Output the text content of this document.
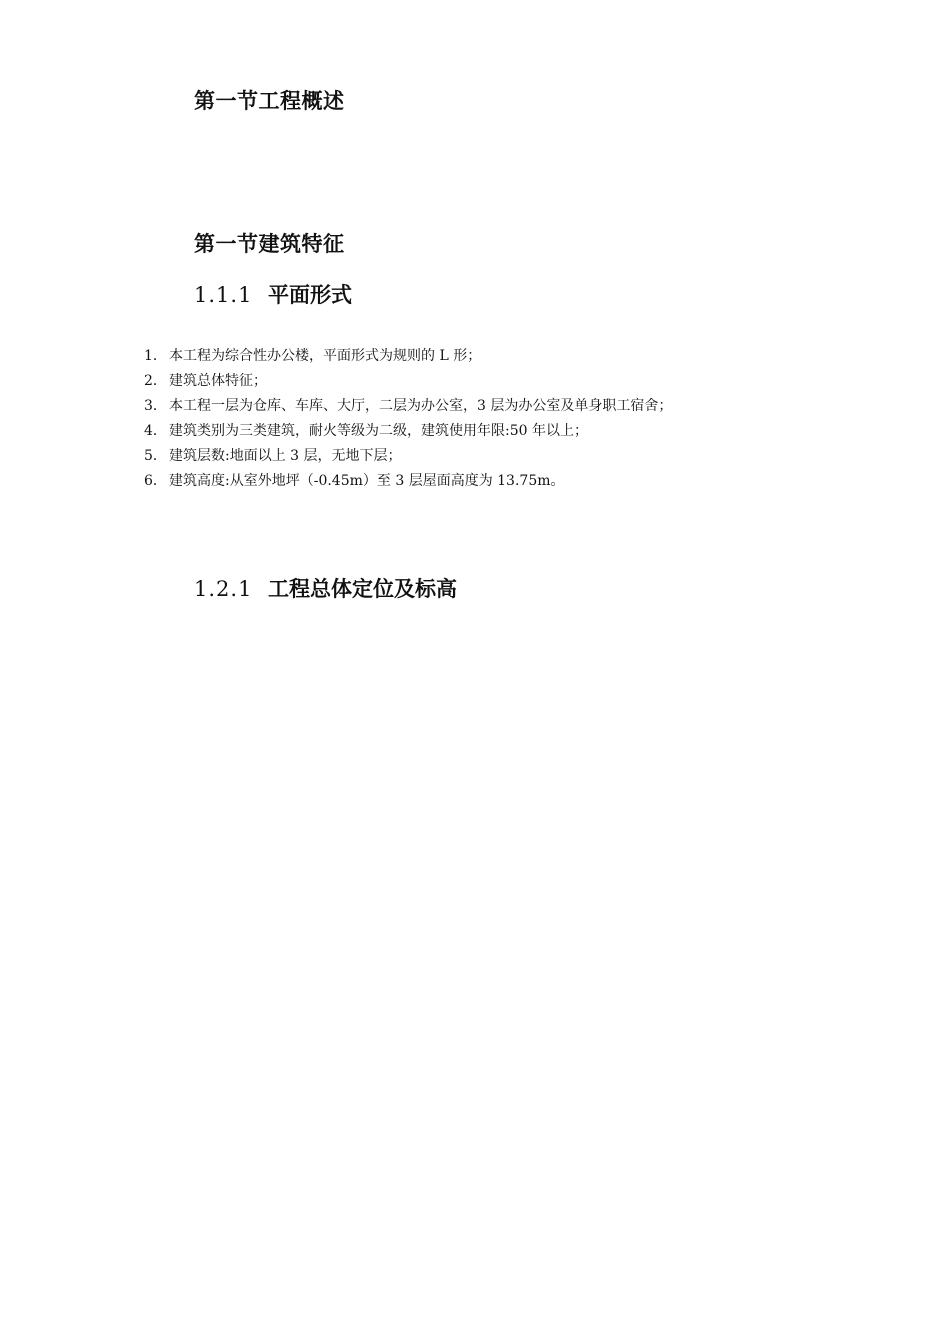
第一节工程概述
第一节建筑特征
1.1.1 平面形式
1． 本工程为综合性办公楼，平面形式为规则的 L 形；
2． 建筑总体特征；
3． 本工程一层为仓库、车库、大厅，二层为办公室，3 层为办公室及单身职工宿舍；
4． 建筑类别为三类建筑，耐火等级为二级，建筑使用年限:50 年以上；
5． 建筑层数:地面以上 3 层，无地下层；
6． 建筑高度:从室外地坪（-0.45m）至 3 层屋面高度为 13.75m。
1.2.1 工程总体定位及标高
